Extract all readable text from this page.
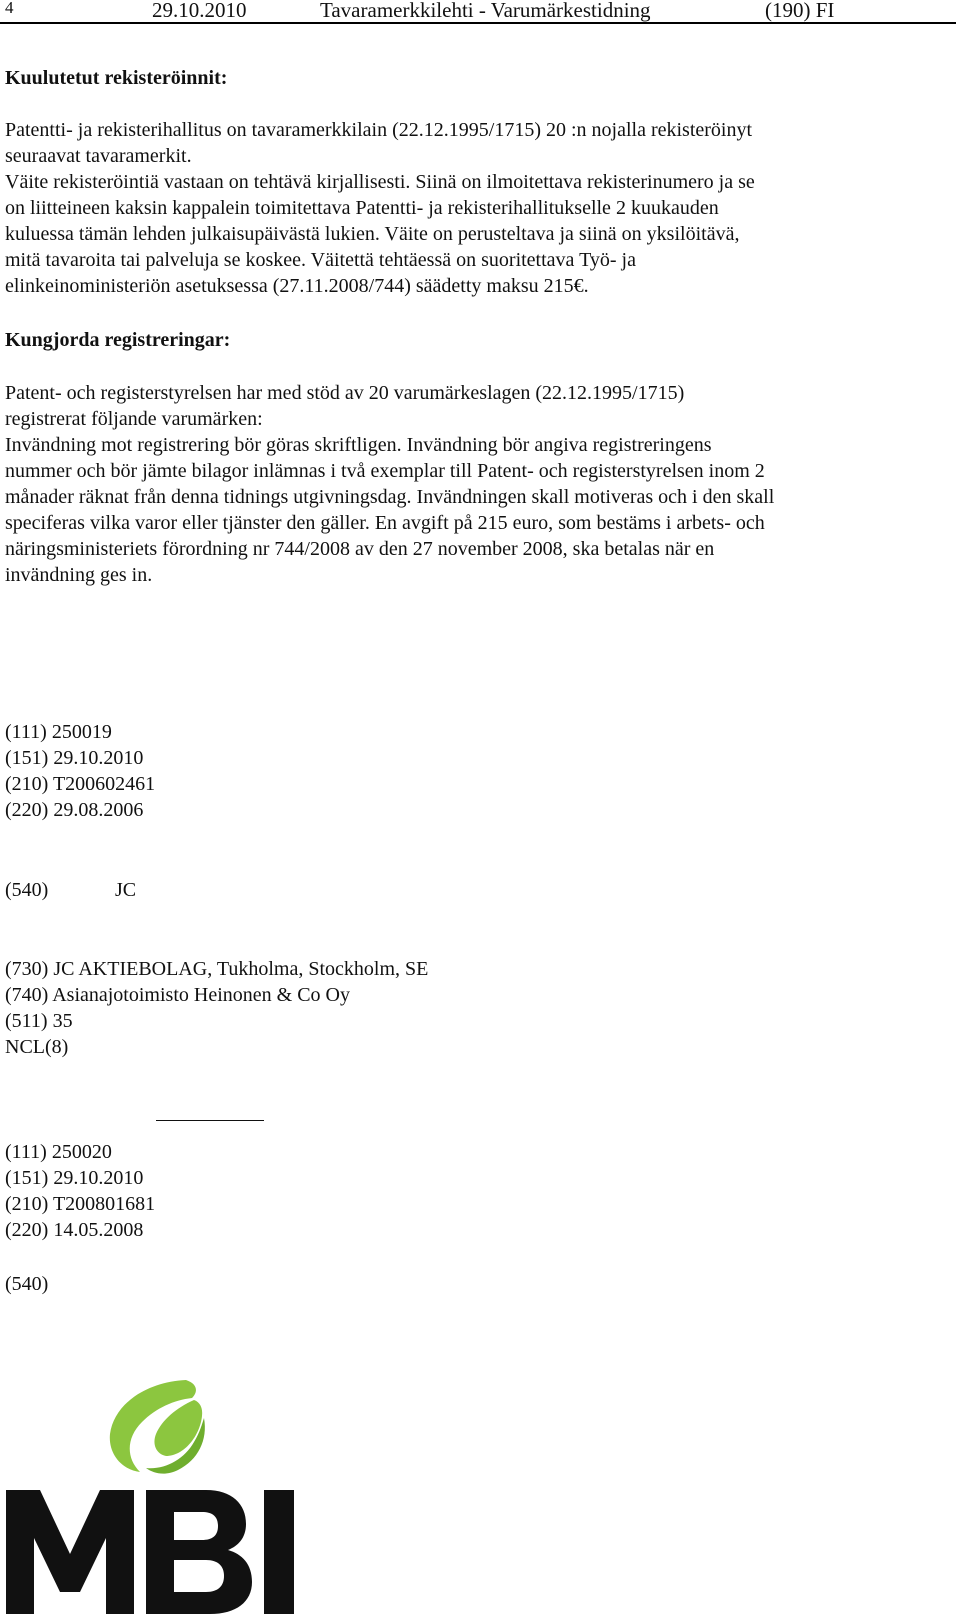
4	29.10.2010	Tavaramerkkilehti - Varumärkestidning	(190) FI
Kuulutetut rekisteröinnit:
Patentti- ja rekisterihallitus on tavaramerkkilain (22.12.1995/1715) 20 :n nojalla rekisteröinyt
seuraavat tavaramerkit.
Väite rekisteröintiä vastaan on tehtävä kirjallisesti. Siinä on ilmoitettava rekisterinumero ja se
on liitteineen kaksin kappalein toimitettava Patentti- ja rekisterihallitukselle 2 kuukauden
kuluessa tämän lehden julkaisupäivästä lukien. Väite on perusteltava ja siinä on yksilöitävä,
mitä tavaroita tai palveluja se koskee. Väitettä tehtäessä on suoritettava Työ- ja
elinkeinoministeriön asetuksessa (27.11.2008/744) säädetty maksu 215€.
Kungjorda registreringar:
Patent- och registerstyrelsen har med stöd av 20 varumärkeslagen (22.12.1995/1715)
registrerat följande varumärken:
Invändning mot registrering bör göras skriftligen. Invändning bör angiva registreringens
nummer och bör jämte bilagor inlämnas i två exemplar till Patent- och registerstyrelsen inom 2
månader räknat från denna tidnings utgivningsdag. Invändningen skall motiveras och i den skall
speciferas vilka varor eller tjänster den gäller. En avgift på 215 euro, som bestäms i arbets- och
näringsministeriets förordning nr 744/2008 av den 27 november 2008, ska betalas när en
invändning ges in.
(111) 250019
(151) 29.10.2010
(210) T200602461
(220) 29.08.2006
(540)	JC
(730) JC AKTIEBOLAG, Tukholma, Stockholm, SE
(740) Asianajotoimisto Heinonen & Co Oy
(511) 35
NCL(8)
(111) 250020
(151) 29.10.2010
(210) T200801681
(220) 14.05.2008
(540)
